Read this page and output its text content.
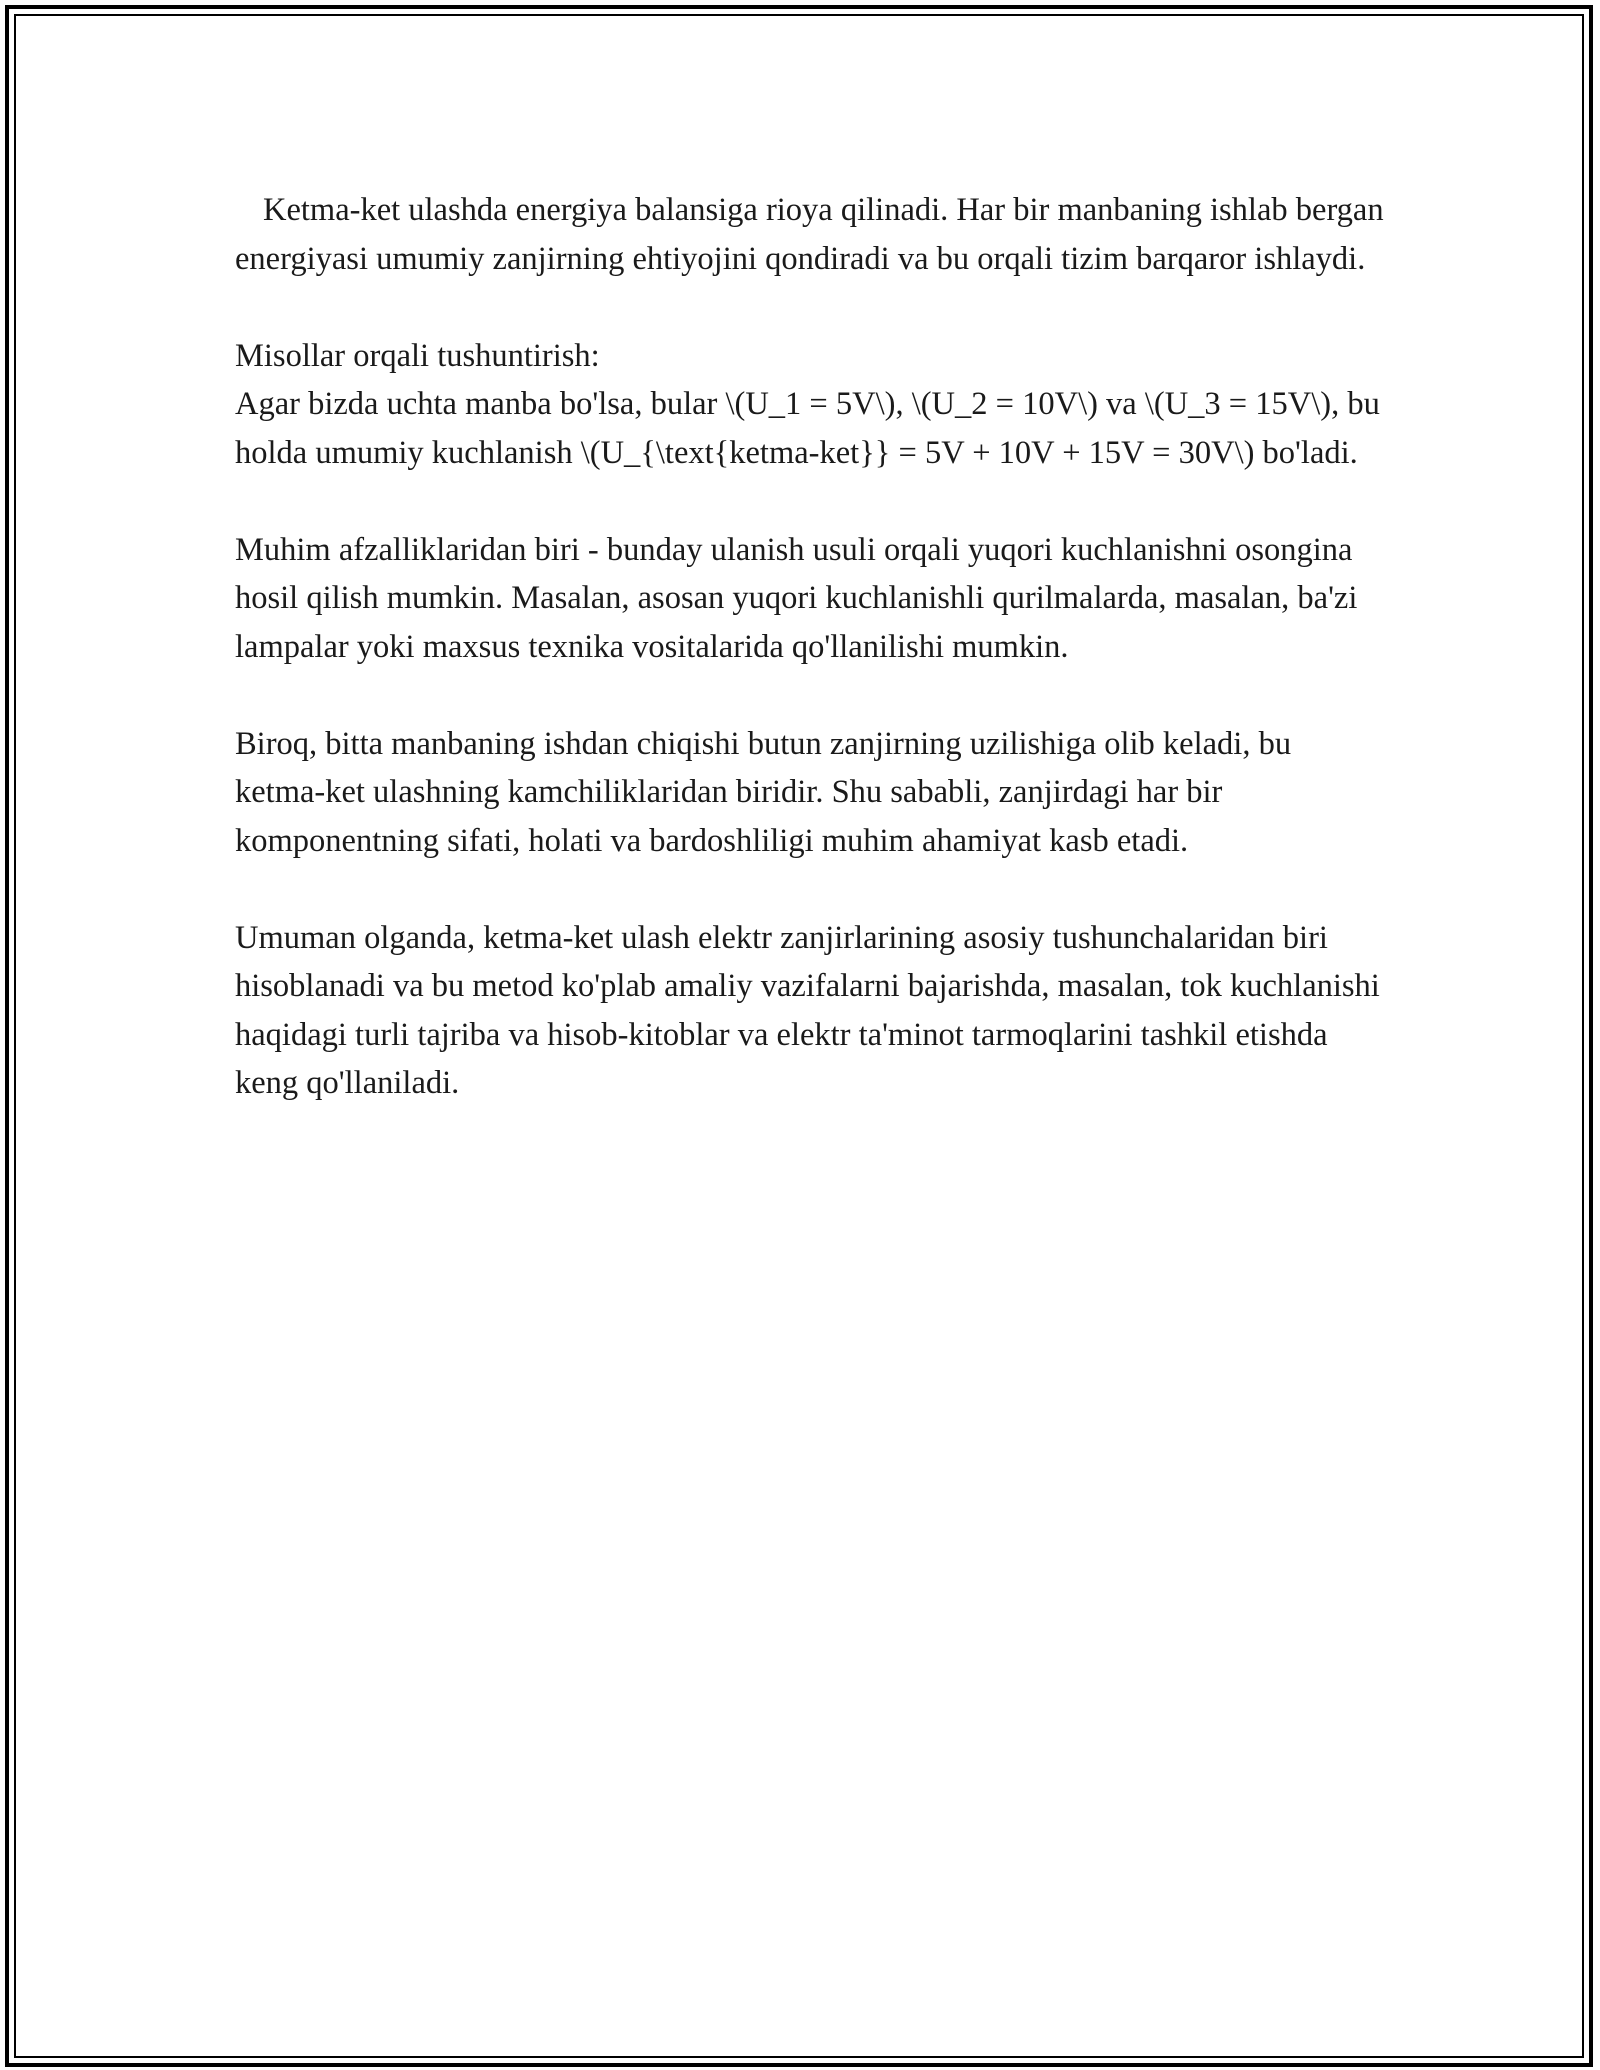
Ketma-ket ulashda energiya balansiga rioya qilinadi. Har bir manbaning ishlab bergan energiyasi umumiy zanjirning ehtiyojini qondiradi va bu orqali tizim barqaror ishlaydi.

Misollar orqali tushuntirish:
Agar bizda uchta manba bo'lsa, bular \(U_1 = 5V\), \(U_2 = 10V\) va \(U_3 = 15V\), bu holda umumiy kuchlanish \(U_{\text{ketma-ket}} = 5V + 10V + 15V = 30V\) bo'ladi.

Muhim afzalliklaridan biri - bunday ulanish usuli orqali yuqori kuchlanishni osongina hosil qilish mumkin. Masalan, asosan yuqori kuchlanishli qurilmalarda, masalan, ba'zi lampalar yoki maxsus texnika vositalarida qo'llanilishi mumkin.

Biroq, bitta manbaning ishdan chiqishi butun zanjirning uzilishiga olib keladi, bu ketma-ket ulashning kamchiliklaridan biridir. Shu sababli, zanjirdagi har bir komponentning sifati, holati va bardoshliligi muhim ahamiyat kasb etadi.

Umuman olganda, ketma-ket ulash elektr zanjirlarining asosiy tushunchalaridan biri hisoblanadi va bu metod ko'plab amaliy vazifalarni bajarishda, masalan, tok kuchlanishi haqidagi turli tajriba va hisob-kitoblar va elektr ta'minot tarmoqlarini tashkil etishda keng qo'llaniladi.
